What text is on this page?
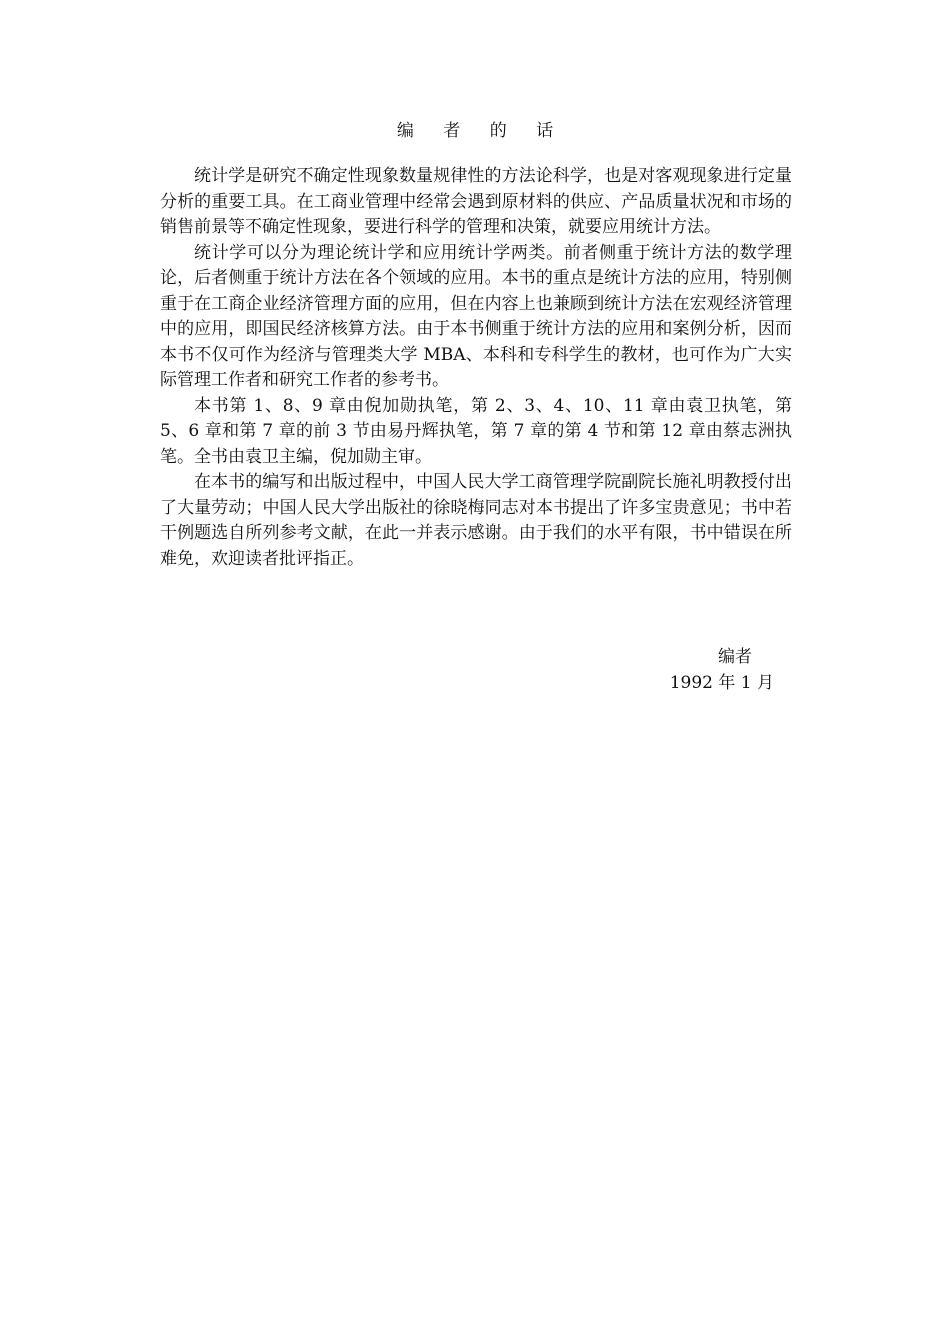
编 者 的 话

统计学是研究不确定性现象数量规律性的方法论科学，也是对客观现象进行定量分析的重要工具。在工商业管理中经常会遇到原材料的供应、产品质量状况和市场的销售前景等不确定性现象，要进行科学的管理和决策，就要应用统计方法。

统计学可以分为理论统计学和应用统计学两类。前者侧重于统计方法的数学理论，后者侧重于统计方法在各个领域的应用。本书的重点是统计方法的应用，特别侧重于在工商企业经济管理方面的应用，但在内容上也兼顾到统计方法在宏观经济管理中的应用，即国民经济核算方法。由于本书侧重于统计方法的应用和案例分析，因而本书不仅可作为经济与管理类大学 MBA、本科和专科学生的教材，也可作为广大实际管理工作者和研究工作者的参考书。

本书第 1、8、9 章由倪加勋执笔，第 2、3、4、10、11 章由袁卫执笔，第 5、6 章和第 7 章的前 3 节由易丹辉执笔，第 7 章的第 4 节和第 12 章由蔡志洲执笔。全书由袁卫主编，倪加勋主审。

在本书的编写和出版过程中，中国人民大学工商管理学院副院长施礼明教授付出了大量劳动；中国人民大学出版社的徐晓梅同志对本书提出了许多宝贵意见；书中若干例题选自所列参考文献，在此一并表示感谢。由于我们的水平有限，书中错误在所难免，欢迎读者批评指正。

编者
1992 年 1 月
